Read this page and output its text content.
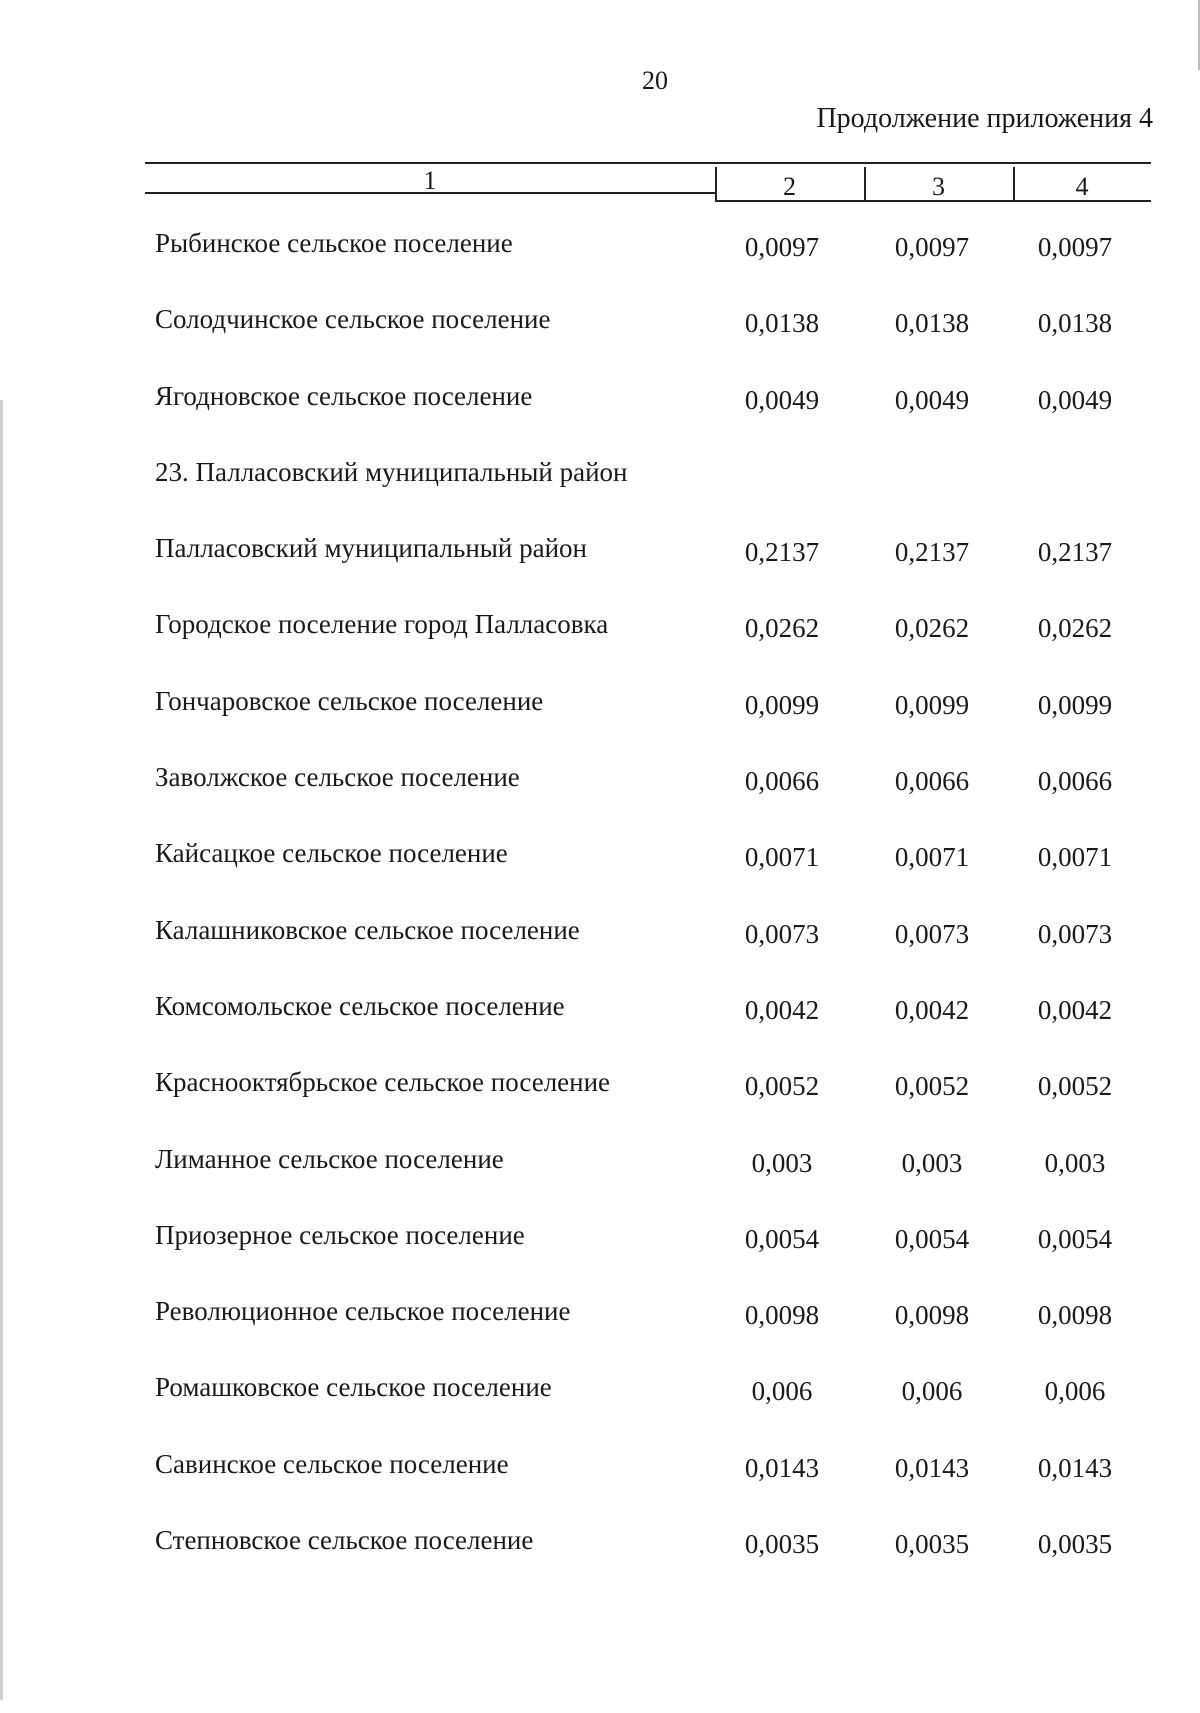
20
Продолжение приложения 4
1	2	3	4
Рыбинское сельское поселение	0,0097	0,0097	0,0097
Солодчинское сельское поселение	0,0138	0,0138	0,0138
Ягодновское сельское поселение	0,0049	0,0049	0,0049
23. Палласовский муниципальный район
Палласовский муниципальный район	0,2137	0,2137	0,2137
Городское поселение город Палласовка	0,0262	0,0262	0,0262
Гончаровское сельское поселение	0,0099	0,0099	0,0099
Заволжское сельское поселение	0,0066	0,0066	0,0066
Кайсацкое сельское поселение	0,0071	0,0071	0,0071
Калашниковское сельское поселение	0,0073	0,0073	0,0073
Комсомольское сельское поселение	0,0042	0,0042	0,0042
Краснооктябрьское сельское поселение	0,0052	0,0052	0,0052
Лиманное сельское поселение	0,003	0,003	0,003
Приозерное сельское поселение	0,0054	0,0054	0,0054
Революционное сельское поселение	0,0098	0,0098	0,0098
Ромашковское сельское поселение	0,006	0,006	0,006
Савинское сельское поселение	0,0143	0,0143	0,0143
Степновское сельское поселение	0,0035	0,0035	0,0035
